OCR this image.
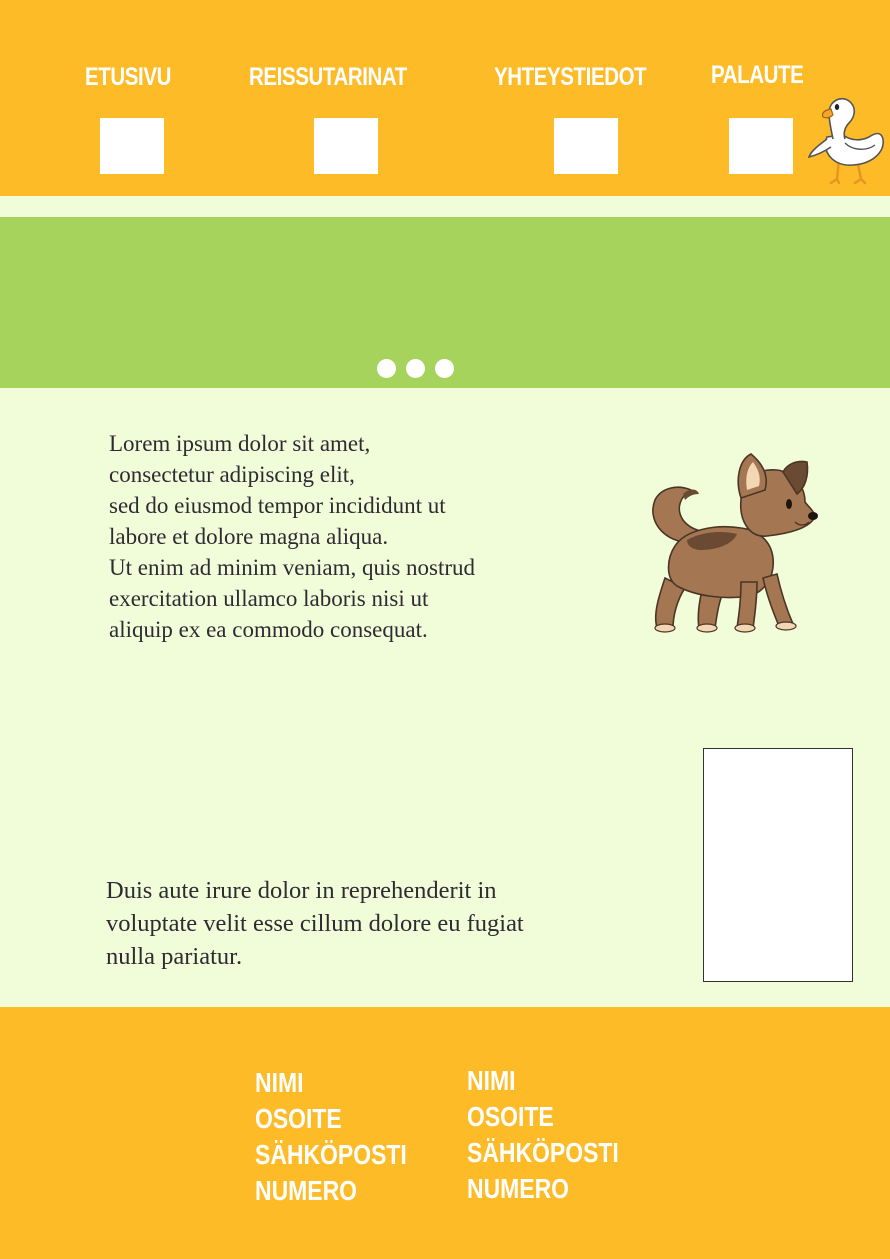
ETUSIVU	REISSUTARINAT	YHTEYSTIEDOT	PALAUTE
Lorem ipsum dolor sit amet,
consectetur adipiscing elit,
sed do eiusmod tempor incididunt ut
labore et dolore magna aliqua.
Ut enim ad minim veniam, quis nostrud
exercitation ullamco laboris nisi ut
aliquip ex ea commodo consequat.
Duis aute irure dolor in reprehenderit in
voluptate velit esse cillum dolore eu fugiat
nulla pariatur.
NIMI
OSOITE
SÄHKÖPOSTI
NUMERO
NIMI
OSOITE
SÄHKÖPOSTI
NUMERO
